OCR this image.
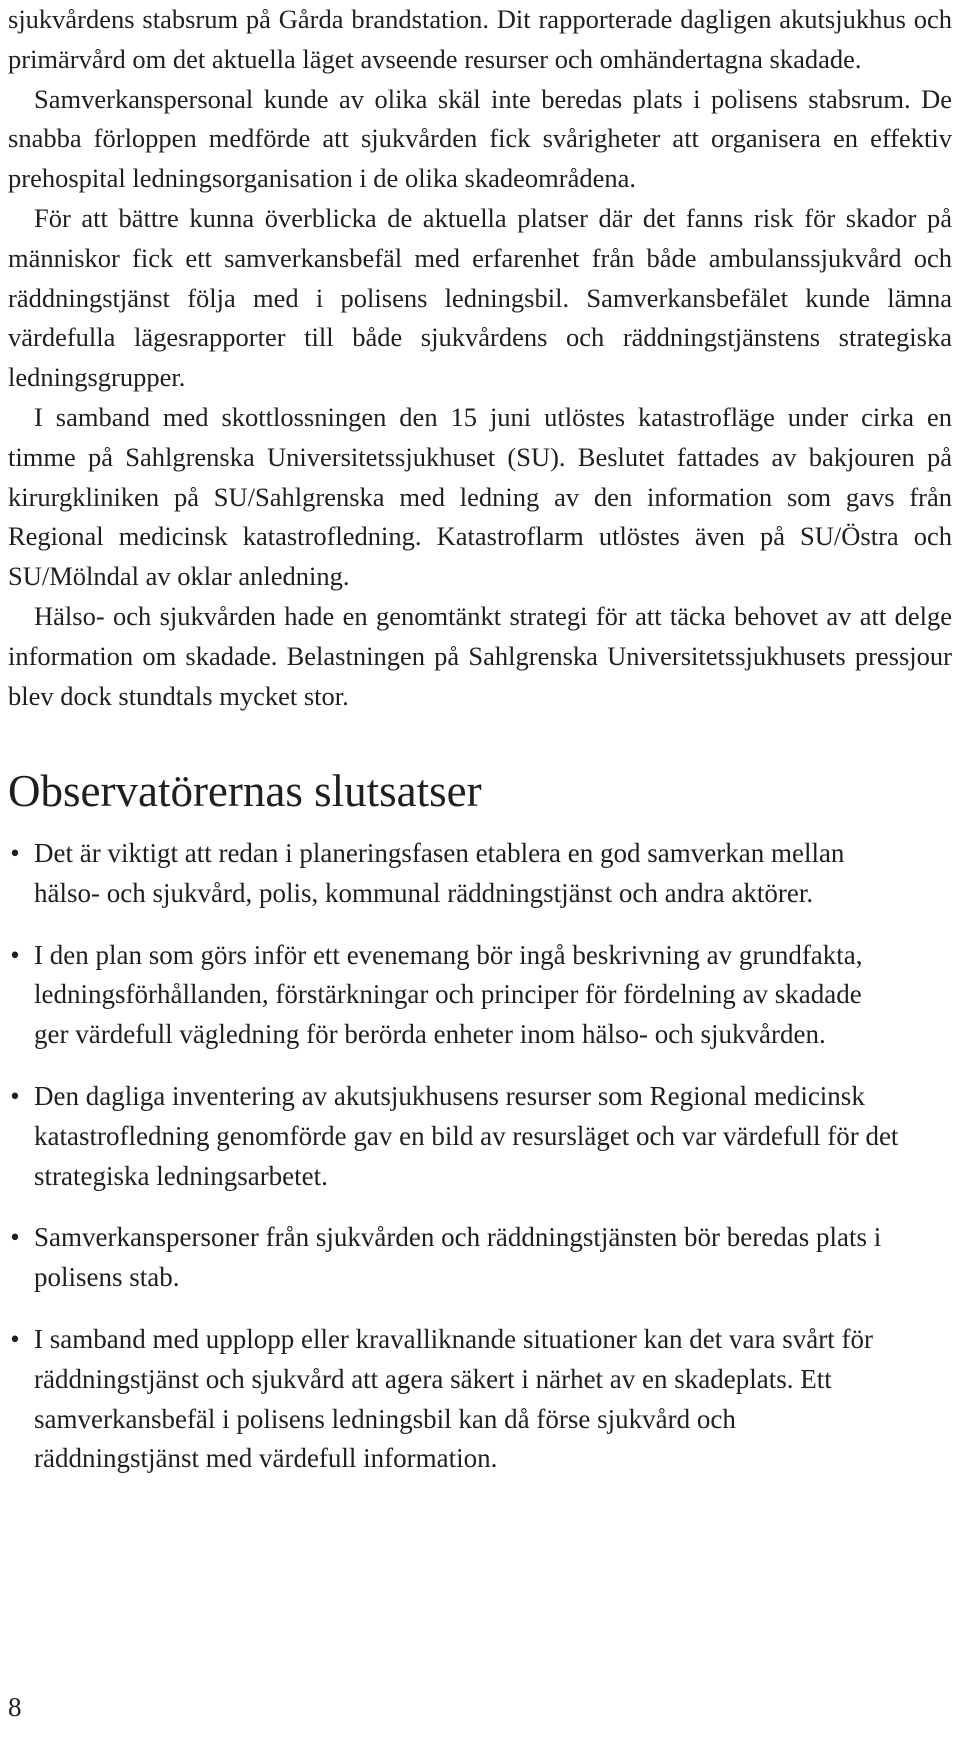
sjukvårdens stabsrum på Gårda brandstation. Dit rapporterade dagligen akutsjukhus och primärvård om det aktuella läget avseende resurser och omhändertagna skadade.

Samverkanspersonal kunde av olika skäl inte beredas plats i polisens stabsrum. De snabba förloppen medförde att sjukvården fick svårigheter att organisera en effektiv prehospital ledningsorganisation i de olika skadeområdena.

För att bättre kunna överblicka de aktuella platser där det fanns risk för skador på människor fick ett samverkansbefäl med erfarenhet från både ambulanssjukvård och räddningstjänst följa med i polisens ledningsbil. Samverkansbefälet kunde lämna värdefulla lägesrapporter till både sjukvårdens och räddningstjänstens strategiska ledningsgrupper.

I samband med skottlossningen den 15 juni utlöstes katastrofläge under cirka en timme på Sahlgrenska Universitetssjukhuset (SU). Beslutet fattades av bakjouren på kirurgkliniken på SU/Sahlgrenska med ledning av den information som gavs från Regional medicinsk katastrofledning. Katastroflarm utlöstes även på SU/Östra och SU/Mölndal av oklar anledning.

Hälso- och sjukvården hade en genomtänkt strategi för att täcka behovet av att delge information om skadade. Belastningen på Sahlgrenska Universitetssjukhusets pressjour blev dock stundtals mycket stor.

Observatörernas slutsatser
• Det är viktigt att redan i planeringsfasen etablera en god samverkan mellan hälso- och sjukvård, polis, kommunal räddningstjänst och andra aktörer.
• I den plan som görs inför ett evenemang bör ingå beskrivning av grundfakta, ledningsförhållanden, förstärkningar och principer för fördelning av skadade ger värdefull vägledning för berörda enheter inom hälso- och sjukvården.
• Den dagliga inventering av akutsjukhusens resurser som Regional medicinsk katastrofledning genomförde gav en bild av resursläget och var värdefull för det strategiska ledningsarbetet.
• Samverkanspersoner från sjukvården och räddningstjänsten bör beredas plats i polisens stab.
• I samband med upplopp eller kravalliknande situationer kan det vara svårt för räddningstjänst och sjukvård att agera säkert i närhet av en skadeplats. Ett samverkansbefäl i polisens ledningsbil kan då förse sjukvård och räddningstjänst med värdefull information.
8
